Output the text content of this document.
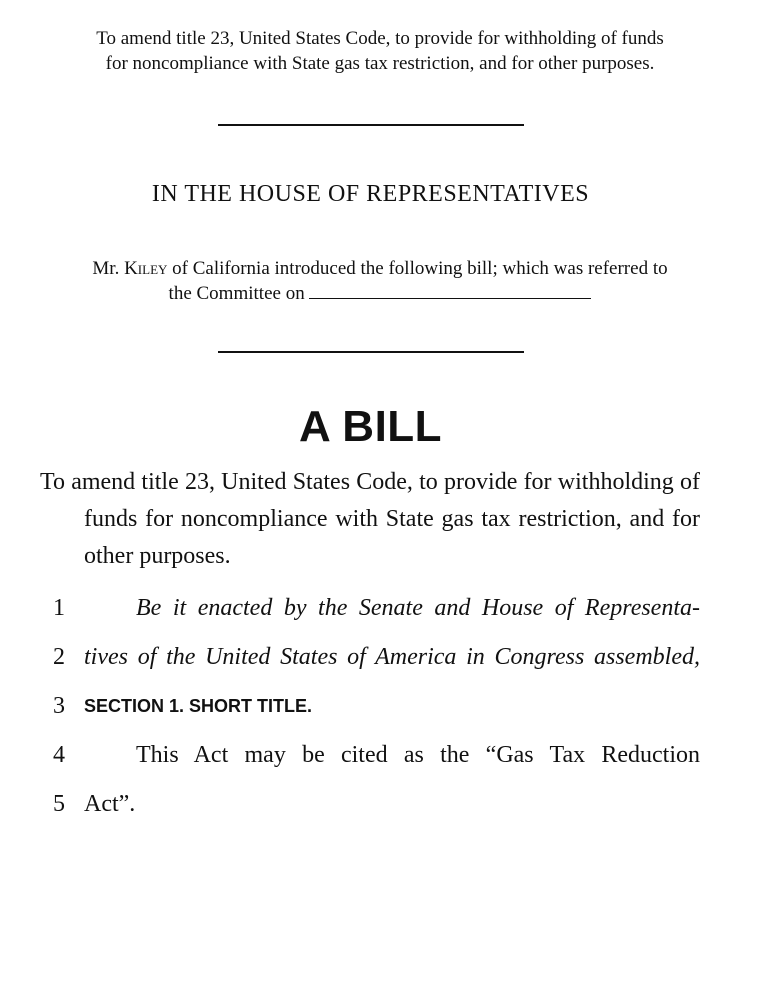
To amend title 23, United States Code, to provide for withholding of funds
for noncompliance with State gas tax restriction, and for other purposes.
IN THE HOUSE OF REPRESENTATIVES
Mr. Kiley of California introduced the following bill; which was referred to
the Committee on
A BILL
To amend title 23, United States Code, to provide for withholding of funds for noncompliance with State gas tax restriction, and for other purposes.
1	Be it enacted by the Senate and House of Representa-
2 tives of the United States of America in Congress assembled,
3	SECTION 1. SHORT TITLE.
4	This Act may be cited as the “Gas Tax Reduction
5 Act”.
